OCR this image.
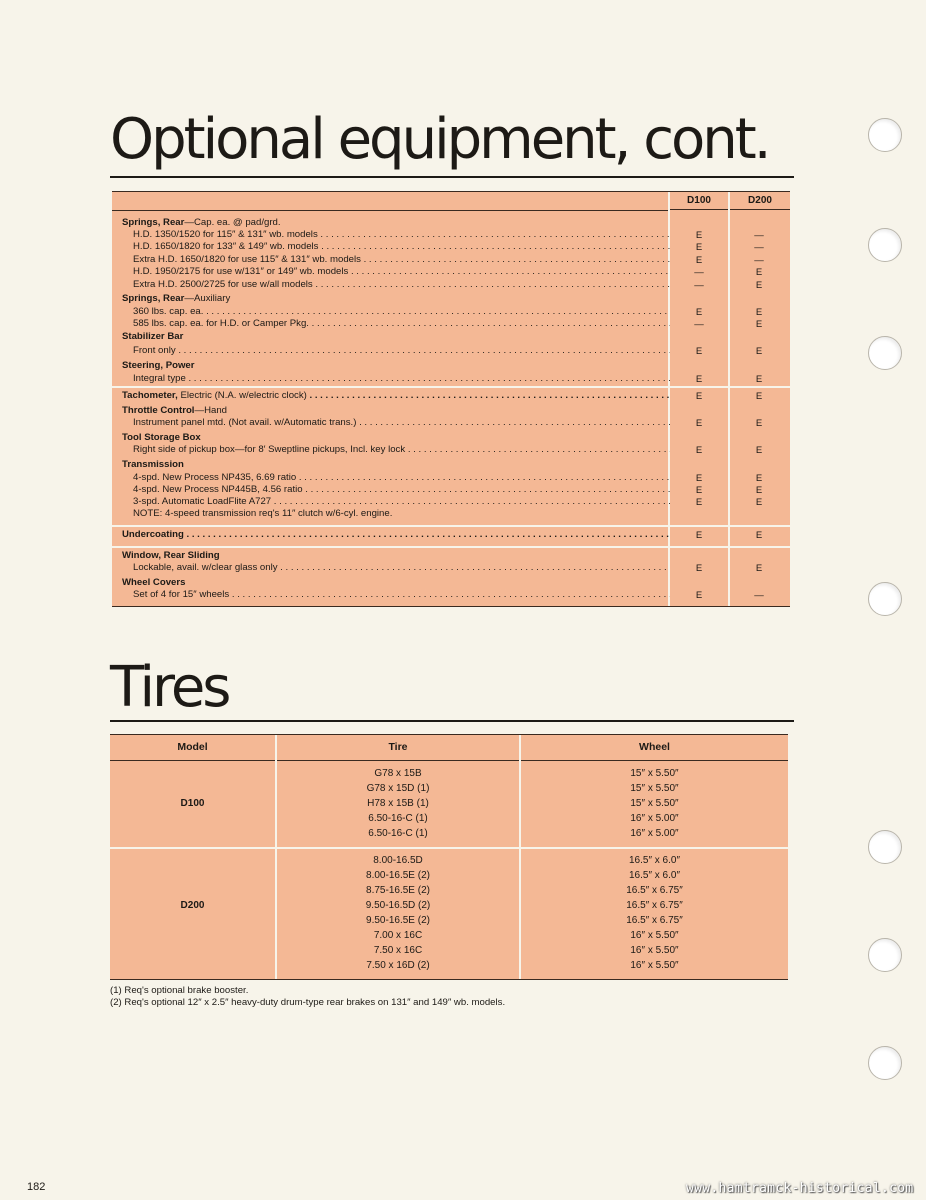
Optional equipment, cont.
D100	D200
Springs, Rear—Cap. ea. @ pad/grd.
H.D. 1350/1520 for 115″ & 131″ wb. models . . .	E	—
H.D. 1650/1820 for 133″ & 149″ wb. models . . .	E	—
Extra H.D. 1650/1820 for use 115″ & 131″ wb. models . . .	E	—
H.D. 1950/2175 for use w/131″ or 149″ wb. models . . .	—	E
Extra H.D. 2500/2725 for use w/all models . . .	—	E
Springs, Rear—Auxiliary
360 lbs. cap. ea. . . .	E	E
585 lbs. cap. ea. for H.D. or Camper Pkg. . . .	—	E
Stabilizer Bar
Front only . . .	E	E
Steering, Power
Integral type . . .	E	E
Tachometer, Electric (N.A. w/electric clock) . . .	E	E
Throttle Control—Hand
Instrument panel mtd. (Not avail. w/Automatic trans.) . . .	E	E
Tool Storage Box
Right side of pickup box—for 8′ Sweptline pickups, Incl. key lock . . .	E	E
Transmission
4-spd. New Process NP435, 6.69 ratio . . .	E	E
4-spd. New Process NP445B, 4.56 ratio . . .	E	E
3-spd. Automatic LoadFlite A727 . . .	E	E
NOTE: 4-speed transmission req's 11″ clutch w/6-cyl. engine.
Undercoating . . .	E	E
Window, Rear Sliding
Lockable, avail. w/clear glass only . . .	E	E
Wheel Covers
Set of 4 for 15″ wheels . . .	E	—
Tires
Model	Tire	Wheel
D100
G78 x 15B	15″ x 5.50″
G78 x 15D (1)	15″ x 5.50″
H78 x 15B (1)	15″ x 5.50″
6.50-16-C (1)	16″ x 5.00″
6.50-16-C (1)	16″ x 5.00″
D200
8.00-16.5D	16.5″ x 6.0″
8.00-16.5E (2)	16.5″ x 6.0″
8.75-16.5E (2)	16.5″ x 6.75″
9.50-16.5D (2)	16.5″ x 6.75″
9.50-16.5E (2)	16.5″ x 6.75″
7.00 x 16C	16″ x 5.50″
7.50 x 16C	16″ x 5.50″
7.50 x 16D (2)	16″ x 5.50″
(1) Req's optional brake booster.
(2) Req's optional 12″ x 2.5″ heavy-duty drum-type rear brakes on 131″ and 149″ wb. models.
182	www.hamtramck-historical.com
